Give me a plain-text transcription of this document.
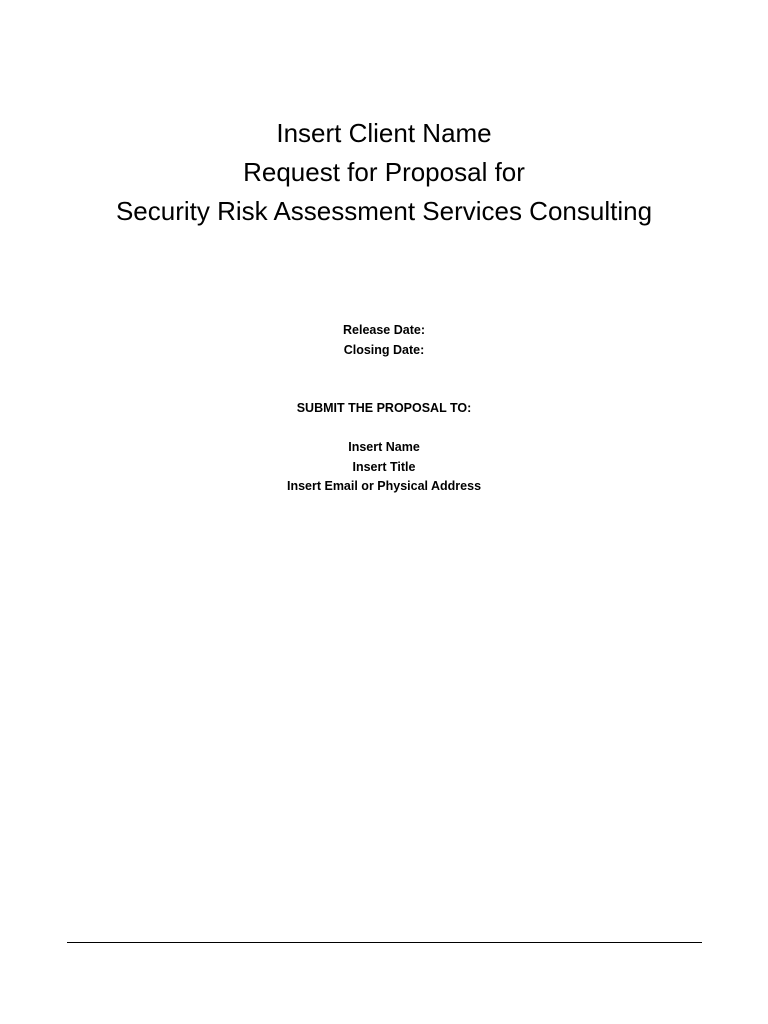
Insert Client Name
Request for Proposal for
Security Risk Assessment Services Consulting
Release Date:
Closing Date:
SUBMIT THE PROPOSAL TO:
Insert Name
Insert Title
Insert Email or Physical Address
